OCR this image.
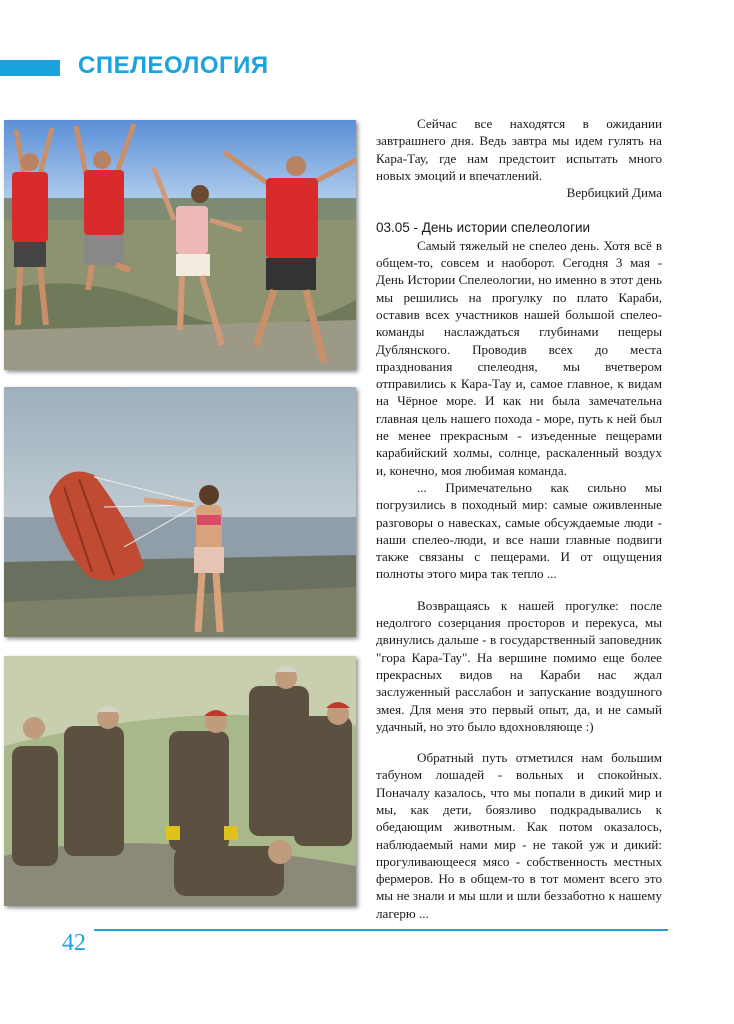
СПЕЛЕОЛОГИЯ

Сейчас все находятся в ожидании завтрашнего дня. Ведь завтра мы идем гулять на Кара-Тау, где нам предстоит испытать много новых эмоций и впечатлений.

Вербицкий Дима

03.05 - День истории спелеологии

Самый тяжелый не спелео день. Хотя всё в общем-то, совсем и наоборот. Сегодня 3 мая - День Истории Спелеологии, но именно в этот день мы решились на прогулку по плато Караби, оставив всех участников нашей большой спелео-команды наслаждаться глубинами пещеры Дублянского. Проводив всех до места празднования спелеодня, мы вчетвером отправились к Кара-Тау и, самое главное, к видам на Чёрное море. И как ни была замечательна главная цель нашего похода - море, путь к ней был не менее прекрасным - изъеденные пещерами карабийский холмы, солнце, раскаленный воздух и, конечно, моя любимая команда.

... Примечательно как сильно мы погрузились в походный мир: самые оживленные разговоры о навесках, самые обсуждаемые люди - наши спелео-люди, и все наши главные подвиги также связаны с пещерами. И от ощущения полноты этого мира так тепло ...

Возвращаясь к нашей прогулке: после недолгого созерцания просторов и перекуса, мы двинулись дальше - в государственный заповедник "гора Кара-Тау". На вершине помимо еще более прекрасных видов на Караби нас ждал заслуженный расслабон и запускание воздушного змея. Для меня это первый опыт, да, и не самый удачный, но это было вдохновляюще :)

Обратный путь отметился нам большим табуном лошадей - вольных и спокойных. Поначалу казалось, что мы попали в дикий мир и мы, как дети, боязливо подкрадывались к обедающим животным. Как потом оказалось, наблюдаемый нами мир - не такой уж и дикий: прогуливающееся мясо - собственность местных фермеров. Но в общем-то в тот момент всего это мы не знали и мы шли и шли беззаботно к нашему лагерю ...

42
